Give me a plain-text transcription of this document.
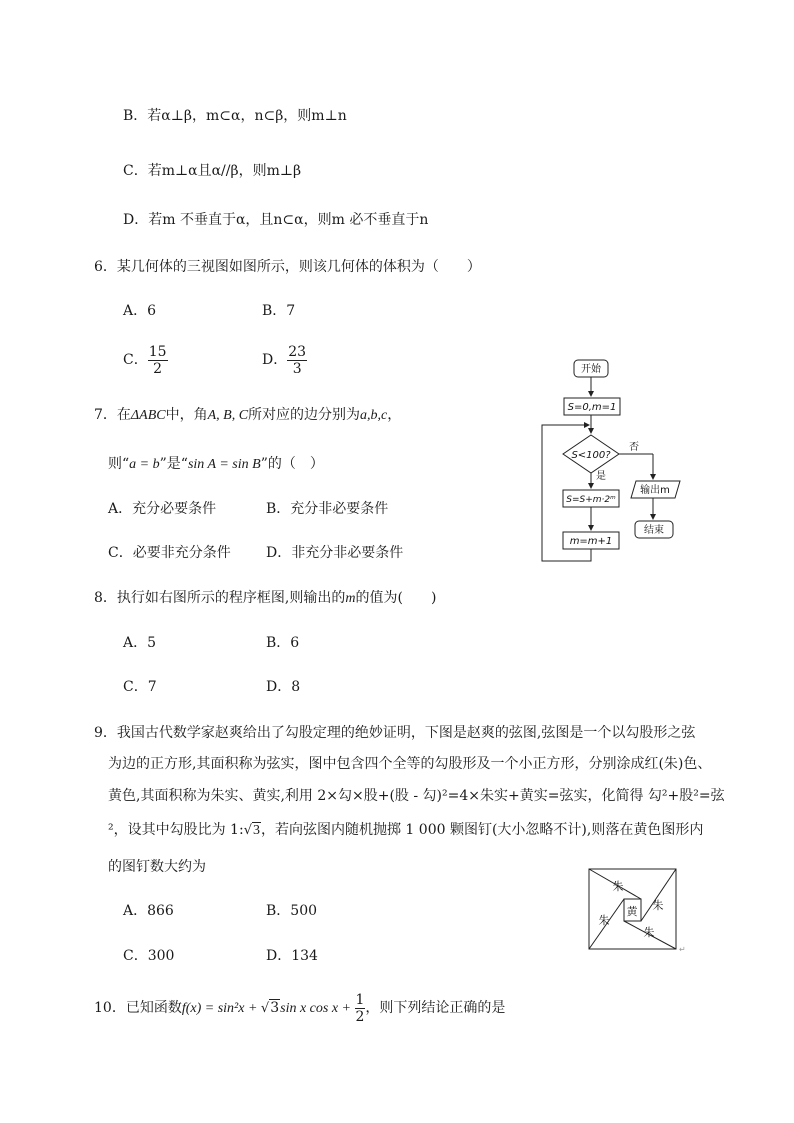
B．若α⊥β，m⊂α，n⊂β，则m⊥n
C．若m⊥α且α//β，则m⊥β
D．若m 不垂直于α，且n⊂α，则m 必不垂直于n
6．某几何体的三视图如图所示，则该几何体的体积为（　　）
A．6	B．7
C． $\frac{15}{2}$	D． $\frac{23}{3}$
7．在ΔABC中，角A, B, C所对应的边分别为a,b,c，
则“a = b”是“sin A = sin B”的（　）
A．充分必要条件	B．充分非必要条件
C．必要非充分条件	D．非充分非必要条件
8．执行如右图所示的程序框图,则输出的m的值为(　　)
A．5	B．6
C．7	D．8
开始
S=0,m=1
S<100?
否
是
S=S+m·2ᵐ
输出m
结束
m=m+1
9．我国古代数学家赵爽给出了勾股定理的绝妙证明，下图是赵爽的弦图,弦图是一个以勾股形之弦
为边的正方形,其面积称为弦实，图中包含四个全等的勾股形及一个小正方形，分别涂成红(朱)色、
黄色,其面积称为朱实、黄实,利用 2×勾×股+(股 - 勾)²=4×朱实+黄实=弦实，化简得 勾²+股²=弦
²，设其中勾股比为 1:√3，若向弦图内随机抛掷 1 000 颗图钉(大小忽略不计),则落在黄色图形内
的图钉数大约为
A．866	B．500
C．300	D．134
朱
朱
朱
朱
黄
↵
10．已知函数f(x) = sin²x + √3sin x $\cos x + \frac{1}{2}$ ，则下列结论正确的是
